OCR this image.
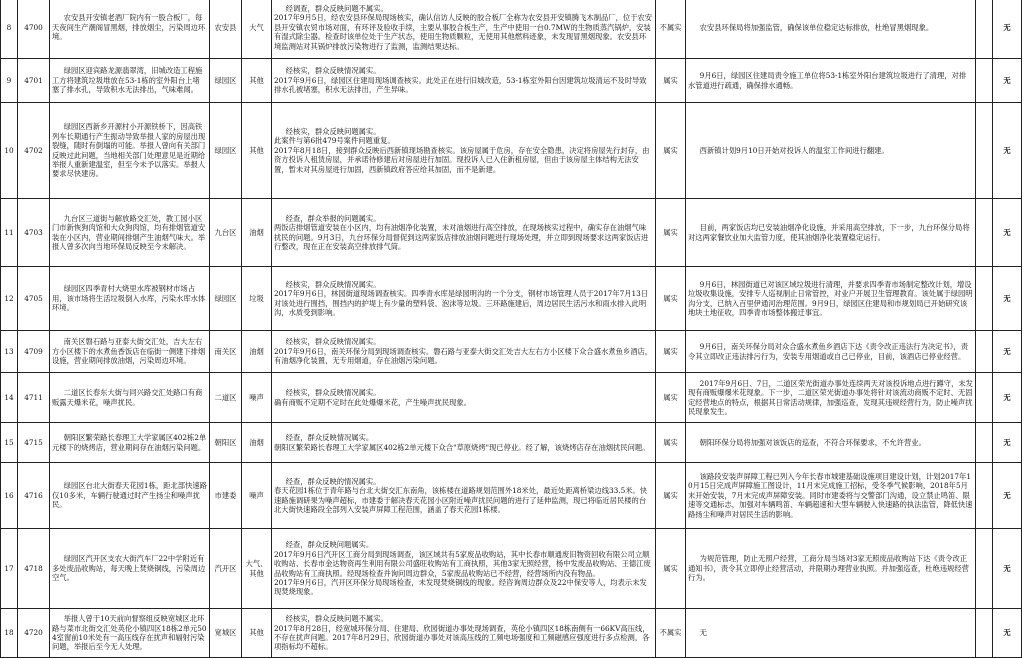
8	4700	农安县开安镇老酒厂院内有一股合板厂，每天夜间生产潮阁冒黑烟，排放烟尘，污染周边环境。	农安县	大气	经调查，群众反映问题不属实。
2017年9月5日，经农安县环保局现场核实，确认信访人反映的胶合板厂全称为农安县开安镇腾飞木制品厂，位于农安县开安镇农贸市场对面，有环评及验收手续，主要从事胶合板生产，生产中使用一台0.7MW的生物质蒸汽锅炉，安装有湿式除尘器。检查时该单位处于生产状态，使用生物质颗粒，无使用其他燃料迹象，未发现冒黑烟现象。农安县环境监测站对其锅炉排放污染物进行了监测，监测结果达标。	不属实	农安县环保局将加强监管，确保该单位稳定达标排放，杜绝冒黑烟现象。		无
9	4701	绿园区迎宾路龙源翡翠湾，旧城改造工程施工方将建筑垃圾堆放在53-1栋的室外阳台上堵塞了排水孔，导致积水无法排出，气味难闻。	绿园区	其他	经核实，群众反映情况属实。
2017年9月6日，绿园区住建局现场调查核实。此处正在进行旧城改造，53-1栋室外阳台因建筑垃圾清运不及时导致排水孔被堵塞，积水无法排出，产生异味。	属实	9月6日，绿园区住建局责令施工单位将53-1栋室外阳台建筑垃圾进行了清理，对排水管道进行疏通，确保排水通畅。		无
10	4702	绿园区西新乡开源村小开源铁桥下，因高铁列车长期通行产生振动导致举报人家的房屋出现裂缝，随时有倒塌的可能。举报人曾向有关部门反映过此问题，当地相关部门处理意见是近期给举报人重新建温室，但至今未予以落实。举报人要求尽快建房。	绿园区	其他	经核实，群众反映问题属实。
此案件与第6批479号案件问题重复。
2017年8月18日，接到群众反映后西新镇现场勘查核实。该房屋属于危房，存在安全隐患，决定将房屋先行封存，由资方投诉人租赁房屋，并承诺待修建后对房屋进行加固。现投诉人已入住新租房屋，但由于该房屋主体结构无法安置，暂未对其房屋进行加固，西新镇政府答应给其加固，而不是新建。	属实	西新镇计划9月10日开始对投诉人的温室工作间进行翻建。		无
11	4703	九台区三道街与解放路交汇处，教工园小区门市新恢狗肉馆和大众狗肉馆，均有排烟管道安装在小区内，营业期间排烟产生油烟气味大。举报人曾多次向当地环保局反映至今未解决。	九台区	油烟	经查，群众举报的问题属实。
两饭店排烟管道安装在小区内，均有油烟净化装置，未对油烟进行高空排放，在现场核实过程中，确实存在油烟气味扰民的问题。9月3日，九台环保分局督促到这两家饭店排放油烟问题进行现场处理，并立即到现场要求这两家饭店进行整改，现在正在安装高空排放排气筒。	属实	目前，两家饭店均已安装油烟净化设施，并采用高空排放，下一步，九台环保分局将对这两家餐饮业加大监管力度，使其油烟净化装置稳定运行。		无
12	4705	绿园区四季青村大烧里水库被钢材市场占用，该市场将生活垃圾倒入水库，污染水库水体环境。	绿园区	垃圾	经核实，群众反映情况属实。
2017年9月6日，林园街道现场调查核实。四季青水库是绿园明沟的一个分支，钢材市场管理人员于2017年7月13日对该处进行围挡，围挡内的护堤上有少量的塑料袋、泡沫等垃圾。三环路施建后，周边居民生活污水和雨水排入此明沟，水质受到影响。	属实	9月6日，林园街道已对该区域垃圾进行清理，并要求四季青市场制定整改计划，增设垃圾收集设施，安排专人巡视制止日常管控，对业户开展卫生管理教育。该处属于绿园明沟分支，已纳入百里伊通河治理范围。9月9日，绿园区住建局和市规划局已开始研究该地块土地征收，四季青市场整体搬迁事宜。		无
13	4709	南关区磐石路与亚泰大街交汇处，吉大左右方小区楼下的水煮鱼香饭店在临街一侧建下排烟设施，营业期间排放油烟，污染周边环境。	南关区	油烟	经核实，群众反映情况属实。
2017年9月6日，南关环保分局到现场调查核实。磐石路与亚泰大街交汇处吉大左右方小区楼下众合盛水煮鱼乡酒店，有油烟净化装置，无专用烟道，存在油烟污染问题。	属实	9月6日，南关环保分局对众合盛水煮鱼乡酒店下达《责令改正违法行为决定书》，责令其立即改正违法排污行为，安装专用烟道或自己已停业，目前，该酒店已停业经营。		无
14	4711	二道区长春东大街与同兴路交汇处路口有商贩露天爆米花，噪声扰民。	二道区	噪声	经核实，群众反映情况属实。
确有商贩不定期不定时在此处爆爆米花，产生噪声扰民现象。	属实	2017年9月6日、7日，二道区荣光街道办事处连续两天对该投诉地点进行蹲守，未发现有商贩爆爆米花现象。下一步，二道区荣光街道办事处将针对该流动商贩不定时、无固定经营地点的特点，根据其日常活动规律，加强巡查，发现其违规经营行为，防止噪声扰民现象发生。		无
15	4715	朝阳区繁荣路长春理工大学家属区402栋2单元楼下的烧烤店，营业期间存在油烟污染问题。	朝阳区	油烟	经查，群众反映情况属实。
朝阳区繁荣路长春理工大学家属区402栋2单元楼下众合"草原烧烤"现已停业。经了解，该烧烤店存在油烟扰民问题。	属实	朝阳环保分局将加强对该饭店的巡查，不符合环保要求，不允许营业。		无
16	4716	绿园区台北大街春天花园1栋，距北部快速路仅10多米，车辆行驶通过时产生扬尘和噪声扰民。	市建委	噪声	经查，群众反映的情况属实。
春天花园1栋位于青年路与台北大街交汇东南角，该栋楼在道路规划范围外18米处，最近处距离桥梁边线33.5米。快速路施调研果为噪声超标，市建委于解决春天花园小区附近噪声扰民问题的进行了延伸监测，现已将临近居民楼的台北大街快速路段全部列入安装声屏障工程范围，涵盖了春天花园1栋楼。	属实	该路段安装声屏障工程已列入今年长春市城建基础设施项目建设计划，计划2017年10月15日完成声屏障施工图设计，11月末完成施工招标，受冬季气候影响，2018年5月末开始安装，7月末完成声屏障安装。同时市建委将与交警部门沟通，设立禁止鸣笛、限速等交通标志，加强对车辆鸣笛、车辆超速和大型车辆驶入快速路的执法监管，降低快速路扬尘和噪声对居民生活的影响。		无
17	4718	绿园区汽开区支农大街汽车厂22中学附近有多处废品收购站，每天晚上焚烧铜线，污染周边空气。	汽开区	大气、其他	经查，群众反映问题属实。
2017年9月6日汽开区工商分局到现场调查，该区域共有5家废品收购站，其中长春市顺通废旧物资回收有限公司立顺收购站、长春市金达物资再生利用有限公司盛旺收购站有工商执照，其他3家无照经营，杨中发废品收购站、王德江废品收购站有工商执照。经现场检查并询问周边群众，5家废品收购站已不经营，经营场所内没有物品。
2017年9月6日，汽开区环保分局现场检查，未发现焚烧铜线的现象。经咨询周边群众及22中保安等人，均表示未发现焚烧现象。	属实	为规范管理，防止无照户经营，工商分局当场对3家无照废品收购站下达《责令改正通知书》，责令其立即停止经营活动，并限期办理营业执照。并加强巡查，杜绝违规经营行为。		无
18	4720	举报人曾于10天前向督察组反映宽城区北环路与菜市北街交汇处英伦小镇四区18栋2单元504室窗前10米处有一高压线存在扰声和辐射污染问题，举报后至今无人处理。	宽城区	其他	经核实，群众反映问题不属实。
2017年8月28日，经宽城环保分局、住建局、欣园街道办事处现场调查，英伦小镇四区18栋南侧有一66KV高压线，不存在扰声问题。2017年8月29日，欣园街道办事处对该高压线的工频电场强度和工频磁感应强度进行多点检测，各项指标均不超标。	不属实	无		无
